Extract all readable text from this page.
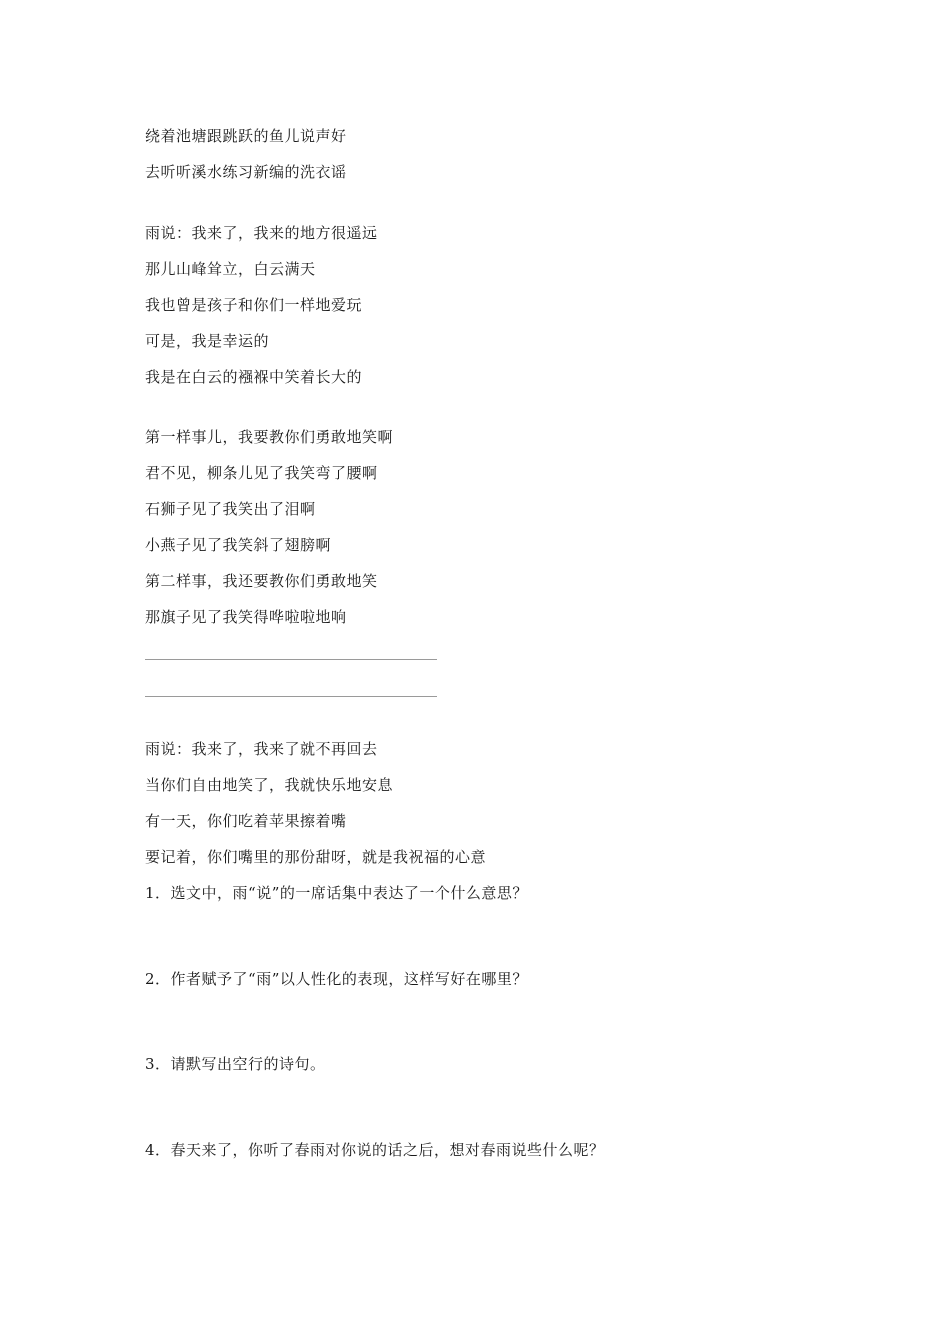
绕着池塘跟跳跃的鱼儿说声好
去听听溪水练习新编的洗衣谣
雨说：我来了，我来的地方很遥远
那儿山峰耸立，白云满天
我也曾是孩子和你们一样地爱玩
可是，我是幸运的
我是在白云的襁褓中笑着长大的
第一样事儿，我要教你们勇敢地笑啊
君不见，柳条儿见了我笑弯了腰啊
石狮子见了我笑出了泪啊
小燕子见了我笑斜了翅膀啊
第二样事，我还要教你们勇敢地笑
那旗子见了我笑得哗啦啦地响
雨说：我来了，我来了就不再回去
当你们自由地笑了，我就快乐地安息
有一天，你们吃着苹果擦着嘴
要记着，你们嘴里的那份甜呀，就是我祝福的心意
1．选文中，雨“说”的一席话集中表达了一个什么意思？
2．作者赋予了“雨”以人性化的表现，这样写好在哪里？
3．请默写出空行的诗句。
4．春天来了，你听了春雨对你说的话之后，想对春雨说些什么呢？
